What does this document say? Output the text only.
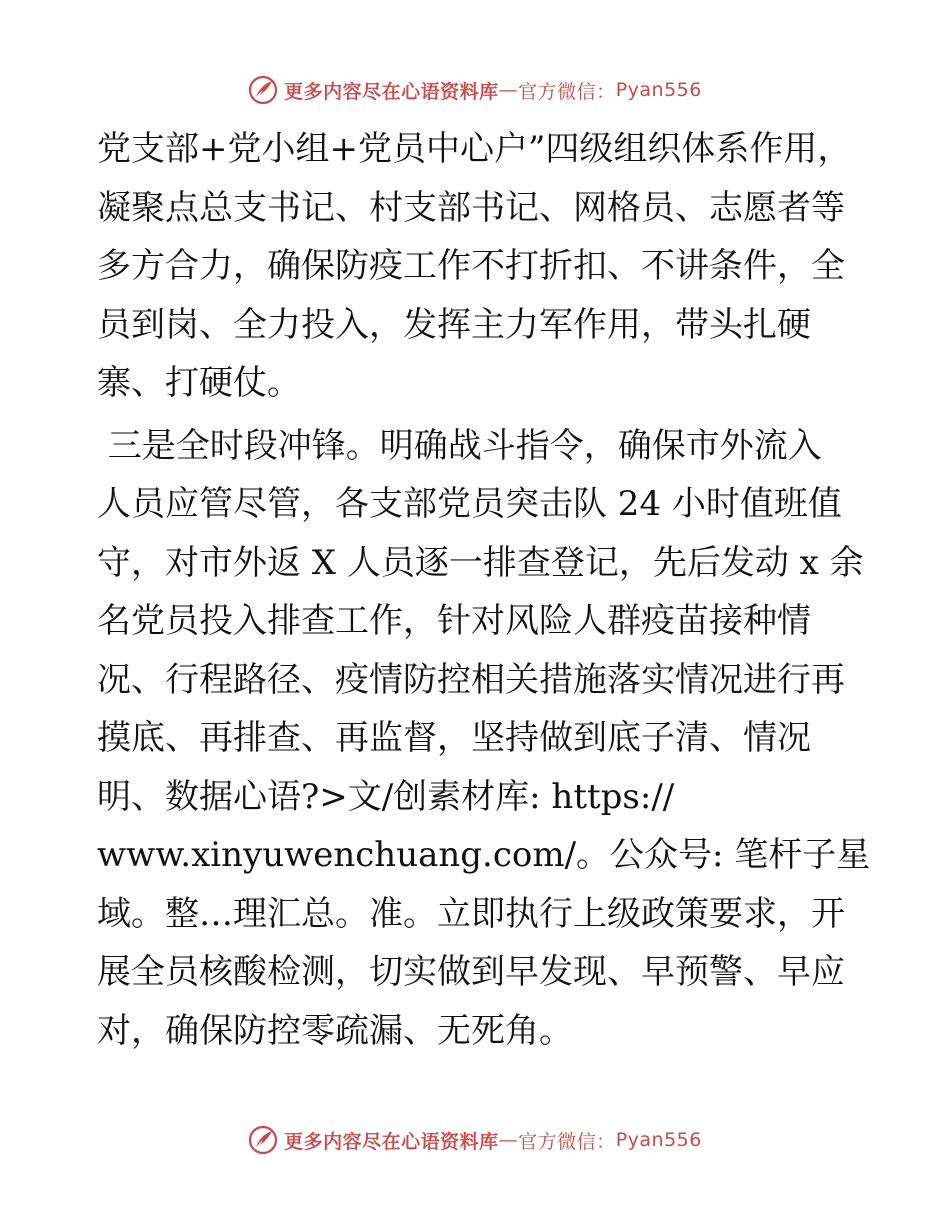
更多内容尽在心语资料库 — 官方微信： Pyan556
党支部+党小组+党员中心户”四级组织体系作用，
凝聚点总支书记、村支部书记、网格员、志愿者等
多方合力，确保防疫工作不打折扣、不讲条件，全
员到岗、全力投入，发挥主力军作用，带头扎硬
寨、打硬仗。
三是全时段冲锋。明确战斗指令，确保市外流入
人员应管尽管，各支部党员突击队 24 小时值班值
守，对市外返 X 人员逐一排查登记，先后发动 x 余
名党员投入排查工作，针对风险人群疫苗接种情
况、行程路径、疫情防控相关措施落实情况进行再
摸底、再排查、再监督，坚持做到底子清、情况
明、数据心语?>文/创素材库: https://
www.xinyuwenchuang.com/。公众号: 笔杆子星
域。整…理汇总。准。立即执行上级政策要求，开
展全员核酸检测，切实做到早发现、早预警、早应
对，确保防控零疏漏、无死角。
更多内容尽在心语资料库 — 官方微信： Pyan556
